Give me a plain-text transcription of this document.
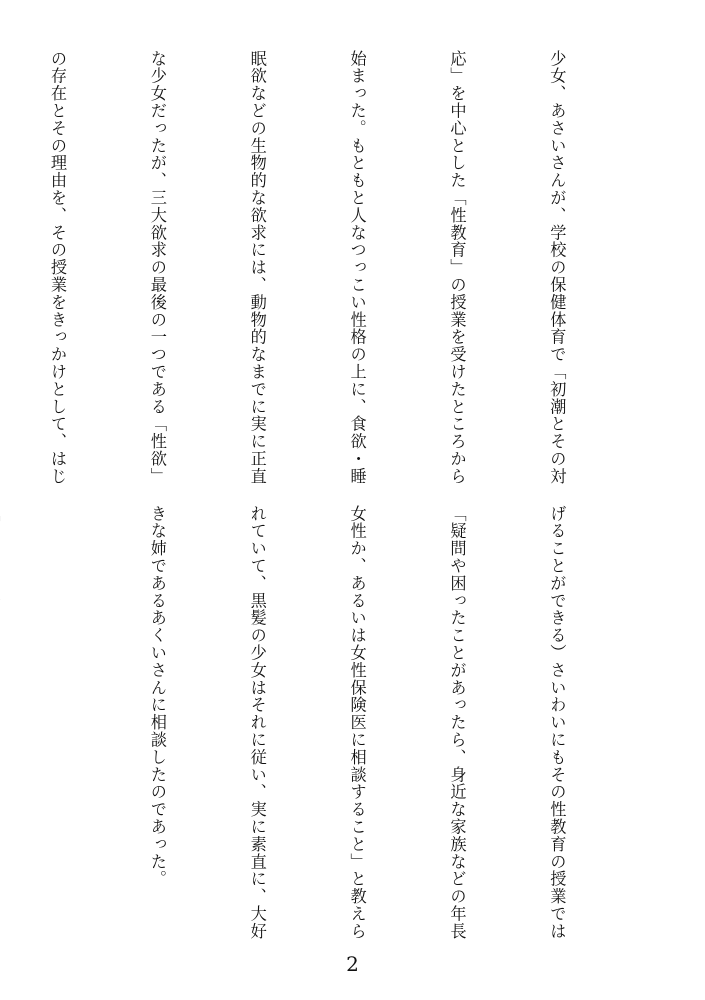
少女、あさいさんが、学校の保健体育で「初潮とその対

応」を中心とした「性教育」の授業を受けたところから

始まった。もともと人なつっこい性格の上に、食欲・睡

眠欲などの生物的な欲求には、動物的なまでに実に正直

な少女だったが、三大欲求の最後の一つである「性欲」

の存在とその理由を、その授業をきっかけとして、はじ

げることができる）さいわいにもその性教育の授業では

「疑問や困ったことがあったら、身近な家族などの年長

女性か、あるいは女性保険医に相談すること」と教えら

れていて、黒髪の少女はそれに従い、実に素直に、大好

きな姉であるあくいさんに相談したのであった。

2
